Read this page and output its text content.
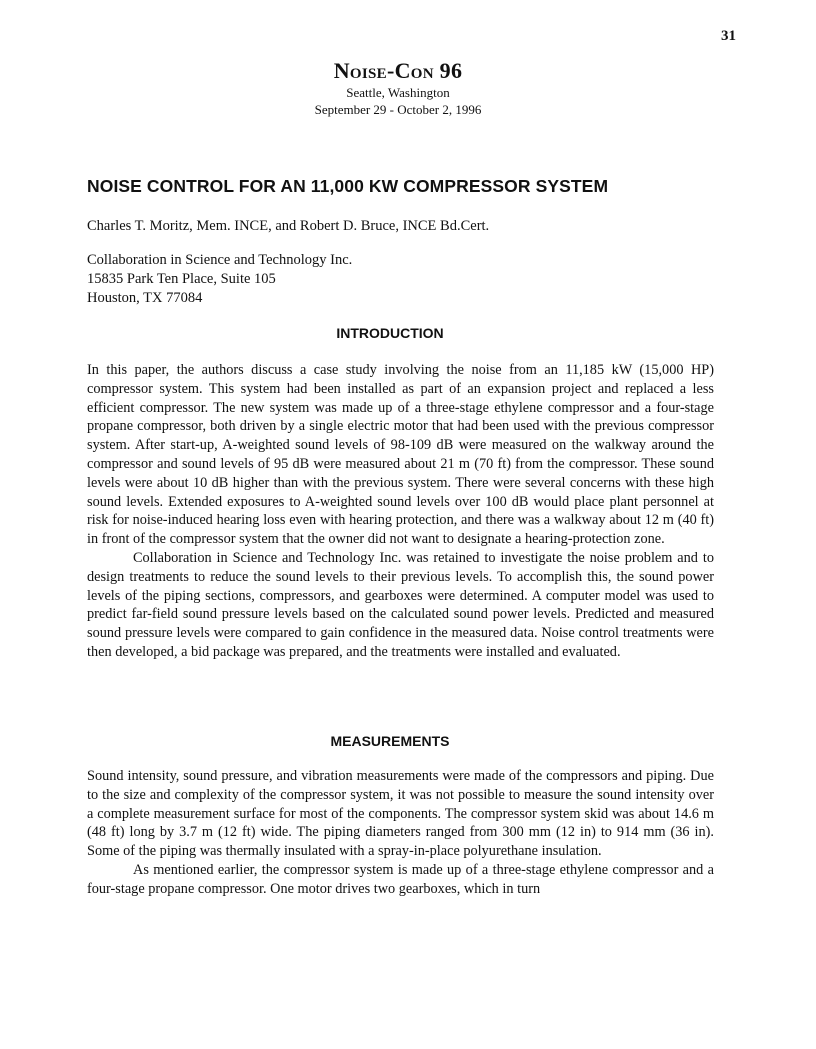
31
Noise-Con 96
Seattle, Washington
September 29 - October 2, 1996
NOISE CONTROL FOR AN 11,000 KW COMPRESSOR SYSTEM
Charles T. Moritz, Mem. INCE, and Robert D. Bruce, INCE Bd.Cert.
Collaboration in Science and Technology Inc.
15835 Park Ten Place, Suite 105
Houston, TX 77084
INTRODUCTION

In this paper, the authors discuss a case study involving the noise from an 11,185 kW (15,000 HP) compressor system. This system had been installed as part of an expansion project and replaced a less efficient compressor. The new system was made up of a three-stage ethylene compressor and a four-stage propane compressor, both driven by a single electric motor that had been used with the previous compressor system. After start-up, A-weighted sound levels of 98-109 dB were measured on the walkway around the compressor and sound levels of 95 dB were measured about 21 m (70 ft) from the compressor. These sound levels were about 10 dB higher than with the previous system. There were several concerns with these high sound levels. Extended exposures to A-weighted sound levels over 100 dB would place plant personnel at risk for noise-induced hearing loss even with hearing protection, and there was a walkway about 12 m (40 ft) in front of the compressor system that the owner did not want to designate a hearing-protection zone.

Collaboration in Science and Technology Inc. was retained to investigate the noise problem and to design treatments to reduce the sound levels to their previous levels. To accomplish this, the sound power levels of the piping sections, compressors, and gearboxes were determined. A computer model was used to predict far-field sound pressure levels based on the calculated sound power levels. Predicted and measured sound pressure levels were compared to gain confidence in the measured data. Noise control treatments were then developed, a bid package was prepared, and the treatments were installed and evaluated.

MEASUREMENTS

Sound intensity, sound pressure, and vibration measurements were made of the compressors and piping. Due to the size and complexity of the compressor system, it was not possible to measure the sound intensity over a complete measurement surface for most of the components. The compressor system skid was about 14.6 m (48 ft) long by 3.7 m (12 ft) wide. The piping diameters ranged from 300 mm (12 in) to 914 mm (36 in). Some of the piping was thermally insulated with a spray-in-place polyurethane insulation.

As mentioned earlier, the compressor system is made up of a three-stage ethylene compressor and a four-stage propane compressor. One motor drives two gearboxes, which in turn
